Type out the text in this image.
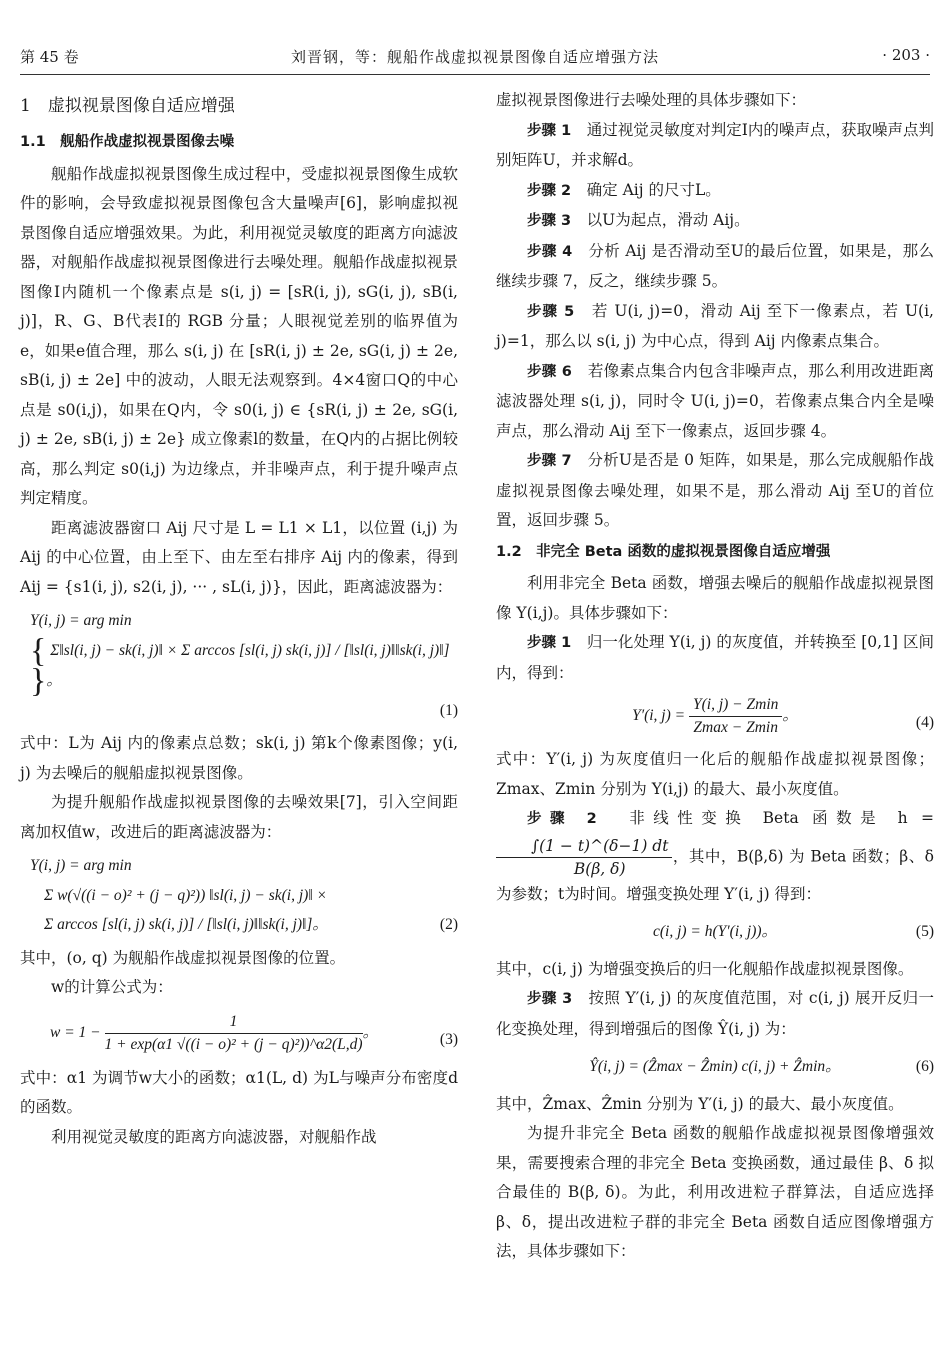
第 45 卷	刘晋钢，等：舰船作战虚拟视景图像自适应增强方法	· 203 ·

1　虚拟视景图像自适应增强

1.1　舰船作战虚拟视景图像去噪

舰船作战虚拟视景图像生成过程中，受虚拟视景图像生成软件的影响，会导致虚拟视景图像包含大量噪声[6]，影响虚拟视景图像自适应增强效果。为此，利用视觉灵敏度的距离方向滤波器，对舰船作战虚拟视景图像进行去噪处理。舰船作战虚拟视景图像I内随机一个像素点是 s(i, j) = [sR(i, j), sG(i, j), sB(i, j)]，R、G、B代表I的 RGB 分量；人眼视觉差别的临界值为e，如果e值合理，那么 s(i, j) 在 [sR(i, j) ± 2e, sG(i, j) ± 2e, sB(i, j) ± 2e] 中的波动，人眼无法观察到。4×4窗口Q的中心点是 s0(i,j)，如果在Q内，令 s0(i, j) ∈ {sR(i, j) ± 2e, sG(i, j) ± 2e, sB(i, j) ± 2e} 成立像素l的数量，在Q内的占据比例较高，那么判定 s0(i,j) 为边缘点，并非噪声点，利于提升噪声点判定精度。

距离滤波器窗口 Aij 尺寸是 L = L1 × L1，以位置 (i,j) 为 Aij 的中心位置，由上至下、由左至右排序 Aij 内的像素，得到 Aij = {s1(i, j), s2(i, j), ··· , sL(i, j)}，因此，距离滤波器为：

Y(i, j) = arg min
{ Σ‖sl(i, j) − sk(i, j)‖ × Σ arccos [sl(i, j) sk(i, j)] / [‖sl(i, j)‖‖sk(i, j)‖] }。
(1)

式中：L为 Aij 内的像素点总数；sk(i, j) 第k个像素图像；y(i, j) 为去噪后的舰船虚拟视景图像。

为提升舰船作战虚拟视景图像的去噪效果[7]，引入空间距离加权值w，改进后的距离滤波器为：

Y(i, j) = arg min
Σ w(√((i − o)² + (j − q)²)) ‖sl(i, j) − sk(i, j)‖ ×
Σ arccos [sl(i, j) sk(i, j)] / [‖sl(i, j)‖‖sk(i, j)‖]。	(2)

其中，(o, q) 为舰船作战虚拟视景图像的位置。

w的计算公式为：

$w = 1 - \frac{1}{\text{1 + exp(α1 √((i − o)² + (j − q)²))\textasciicircum{}α2(L,d)}}$ 。	(3)

式中：α1 为调节w大小的函数；α1(L, d) 为L与噪声分布密度d的函数。

利用视觉灵敏度的距离方向滤波器，对舰船作战

虚拟视景图像进行去噪处理的具体步骤如下：

步骤 1　 通过视觉灵敏度对判定I内的噪声点，获取噪声点判别矩阵U，并求解d。

步骤 2　 确定 Aij 的尺寸L。

步骤 3　 以U为起点，滑动 Aij。

步骤 4　 分析 Aij 是否滑动至U的最后位置，如果是，那么继续步骤 7，反之，继续步骤 5。

步骤 5　 若 U(i, j)=0，滑动 Aij 至下一像素点，若 U(i, j)=1，那么以 s(i, j) 为中心点，得到 Aij 内像素点集合。

步骤 6　 若像素点集合内包含非噪声点，那么利用改进距离滤波器处理 s(i, j)，同时令 U(i, j)=0，若像素点集合内全是噪声点，那么滑动 Aij 至下一像素点，返回步骤 4。

步骤 7　 分析U是否是 0 矩阵，如果是，那么完成舰船作战虚拟视景图像去噪处理，如果不是，那么滑动 Aij 至U的首位置，返回步骤 5。

1.2　非完全 Beta 函数的虚拟视景图像自适应增强

利用非完全 Beta 函数，增强去噪后的舰船作战虚拟视景图像 Y(i,j)。具体步骤如下：

步骤 1　 归一化处理 Y(i, j) 的灰度值，并转换至 [0,1] 区间内，得到：

Y′(i, $j) = \frac{Y(i, j) - Zmin}{Zmax - Zmin}$ 。	(4)

式中：Y′(i, j) 为灰度值归一化后的舰船作战虚拟视景图像；Zmax、Zmin 分别为 Y(i,j) 的最大、最小灰度值。

步骤 2　 非线性变换 Beta 函数是 h =
$\frac{\int(1 - t)\^{}(\delta-1) dt}{B(\beta, \delta)}$ ，其中，B(β,δ) 为 Beta 函数；β、δ 为参数；t为时间。增强变换处理 Y′(i, j) 得到：

c(i, j) = h(Y′(i, j))。	(5)

其中，c(i, j) 为增强变换后的归一化舰船作战虚拟视景图像。

步骤 3　 按照 Y′(i, j) 的灰度值范围，对 c(i, j) 展开反归一化变换处理，得到增强后的图像 Ŷ(i, j) 为：

Ŷ(i, j) = (Ẑmax − Ẑmin) c(i, j) + Ẑmin。	(6)

其中，Ẑmax、Ẑmin 分别为 Y′(i, j) 的最大、最小灰度值。

为提升非完全 Beta 函数的舰船作战虚拟视景图像增强效果，需要搜索合理的非完全 Beta 变换函数，通过最佳 β、δ 拟合最佳的 B(β, δ)。为此，利用改进粒子群算法，自适应选择 β、δ，提出改进粒子群的非完全 Beta 函数自适应图像增强方法，具体步骤如下：
